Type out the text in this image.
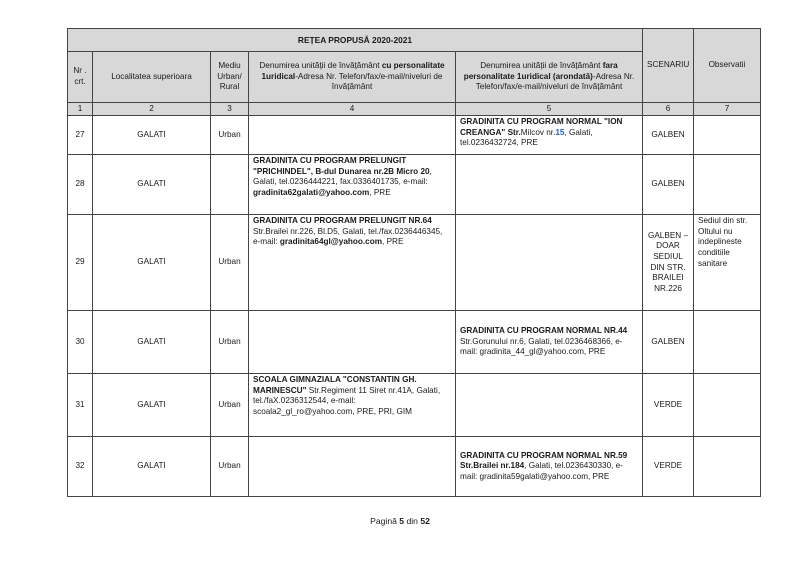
REȚEA PROPUSĂ 2020-2021					SCENARIU	Observatii
Nr . crt.	Localitatea superioara	Mediu Urban/ Rural	Denumirea unității de învățământ cu personalitate 1uridical-Adresa Nr. Telefon/fax/e-mail/niveluri de învățământ	Denumirea unității de învățământ fara personalitate 1uridical (arondată)-Adresa Nr. Telefon/fax/e-mail/niveluri de învățământ		
1	2	3	4	5	6	7
27	GALATI	Urban		GRADINITA CU PROGRAM NORMAL "ION CREANGA" Str.Milcov nr.15, Galati, tel.0236432724, PRE	GALBEN	
28	GALATI		GRADINITA CU PROGRAM PRELUNGIT "PRICHINDEL", B-dul Dunarea nr.2B Micro 20, Galati, tel.0236444221, fax.0336401735, e-mail: gradinita62galati@yahoo.com, PRE		GALBEN	
29	GALATI	Urban	GRADINITA CU PROGRAM PRELUNGIT NR.64 Str.Brailei nr.226, Bl.D5, Galati, tel./fax.0236446345, e-mail: gradinita64gl@yahoo.com, PRE		GALBEN – DOAR SEDIUL DIN STR. BRAILEI NR.226	Sediul din str. Oltului nu indeplineste conditiile sanitare
30	GALATI	Urban		GRADINITA CU PROGRAM NORMAL NR.44 Str.Gorunului nr.6, Galati, tel.0236468366, e-mail: gradinita_44_gl@yahoo.com, PRE	GALBEN	
31	GALATI	Urban	SCOALA GIMNAZIALA "CONSTANTIN GH. MARINESCU" Str.Regiment 11 Siret nr.41A, Galati, tel./faX.0236312544, e-mail: scoala2_gl_ro@yahoo.com, PRE, PRI, GIM		VERDE	
32	GALATI	Urban		GRADINITA CU PROGRAM NORMAL NR.59 Str.Brailei nr.184, Galati, tel.0236430330, e-mail: gradinita59galati@yahoo.com, PRE	VERDE	
Pagină 5 din 52
